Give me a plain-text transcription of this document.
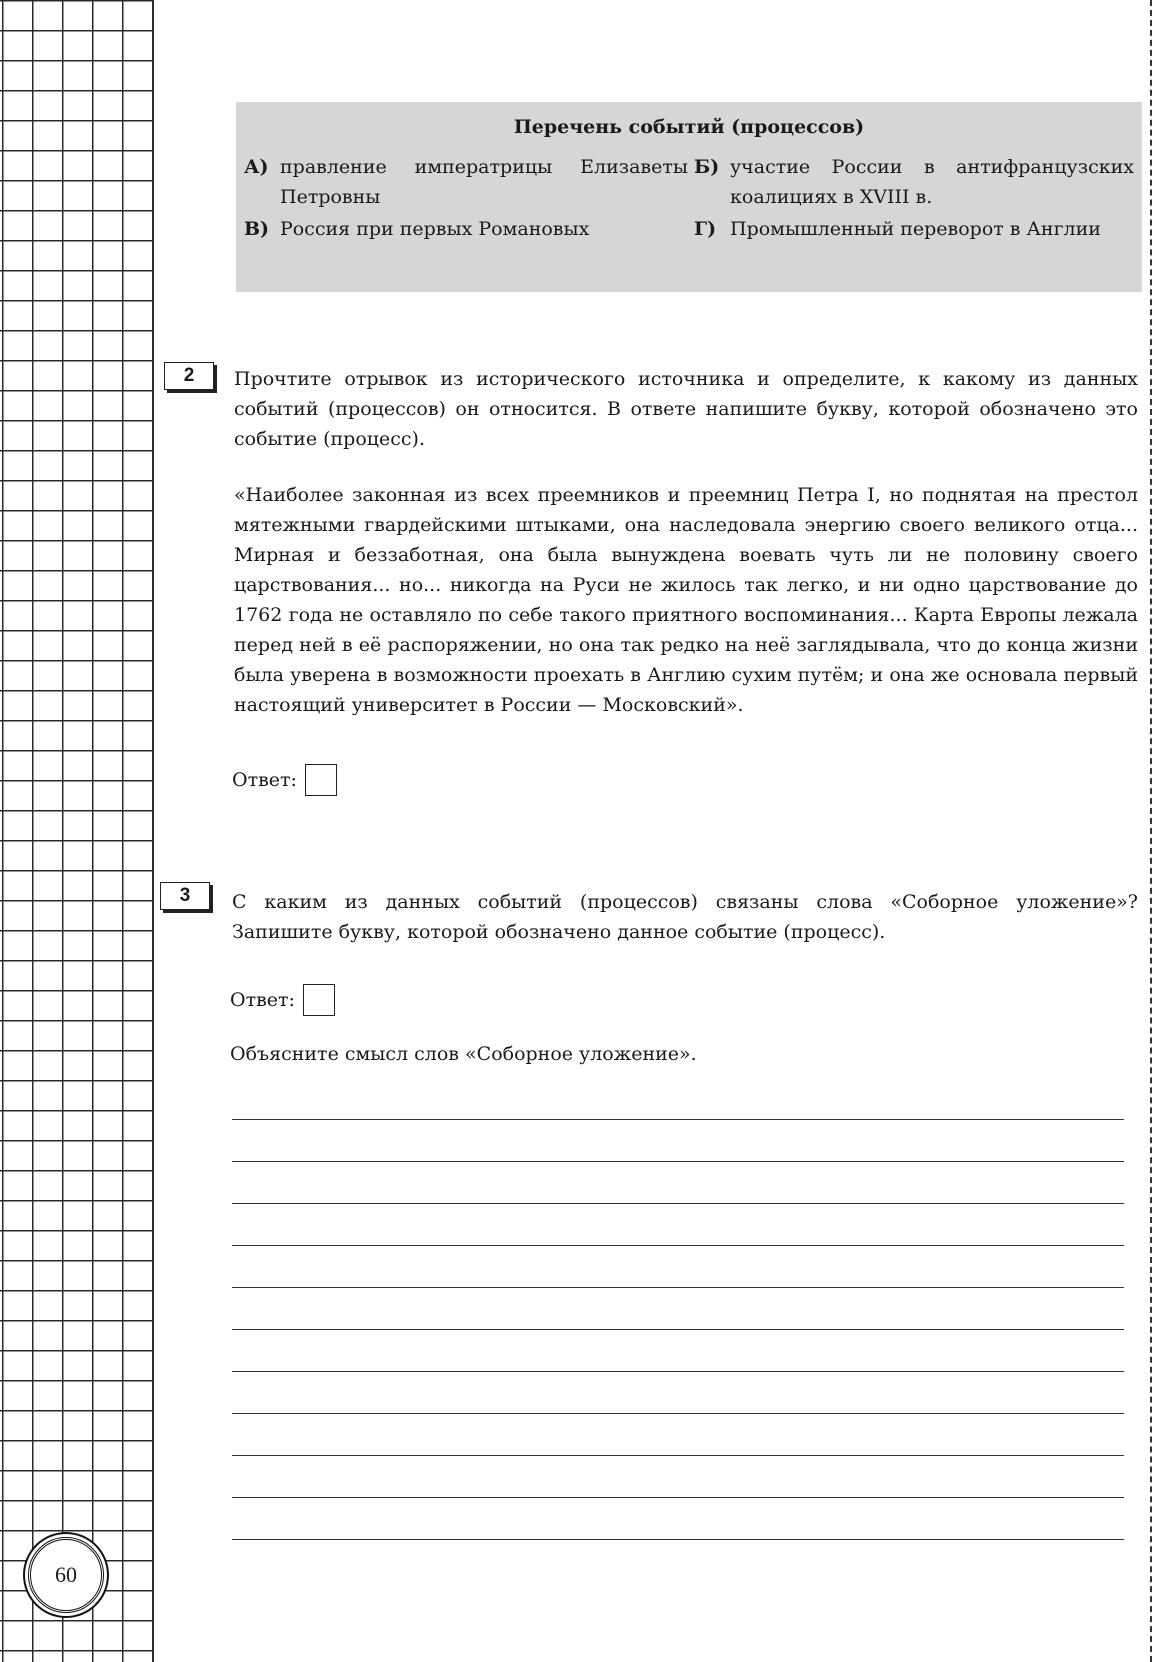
60
Перечень событий (процессов)
А) правление императрицы Елизаветы Петровны
Б) участие России в антифранцузских коалициях в XVIII в.
В) Россия при первых Романовых	Г) Промышленный переворот в Англии
2	Прочтите отрывок из исторического источника и определите, к какому из данных событий (процессов) он относится. В ответе напишите букву, которой обозначено это событие (процесс).
«Наиболее законная из всех преемников и преемниц Петра I, но поднятая на престол мятежными гвардейскими штыками, она наследовала энергию своего великого отца... Мирная и беззаботная, она была вынуждена воевать чуть ли не половину своего царствования... но... никогда на Руси не жилось так легко, и ни одно царствование до 1762 года не оставляло по себе такого приятного воспоминания... Карта Европы лежала перед ней в её распоряжении, но она так редко на неё заглядывала, что до конца жизни была уверена в возможности проехать в Англию сухим путём; и она же основала первый настоящий университет в России — Московский».
Ответ:
3	С каким из данных событий (процессов) связаны слова «Соборное уложение»? Запишите букву, которой обозначено данное событие (процесс).
Ответ:
Объясните смысл слов «Соборное уложение».
